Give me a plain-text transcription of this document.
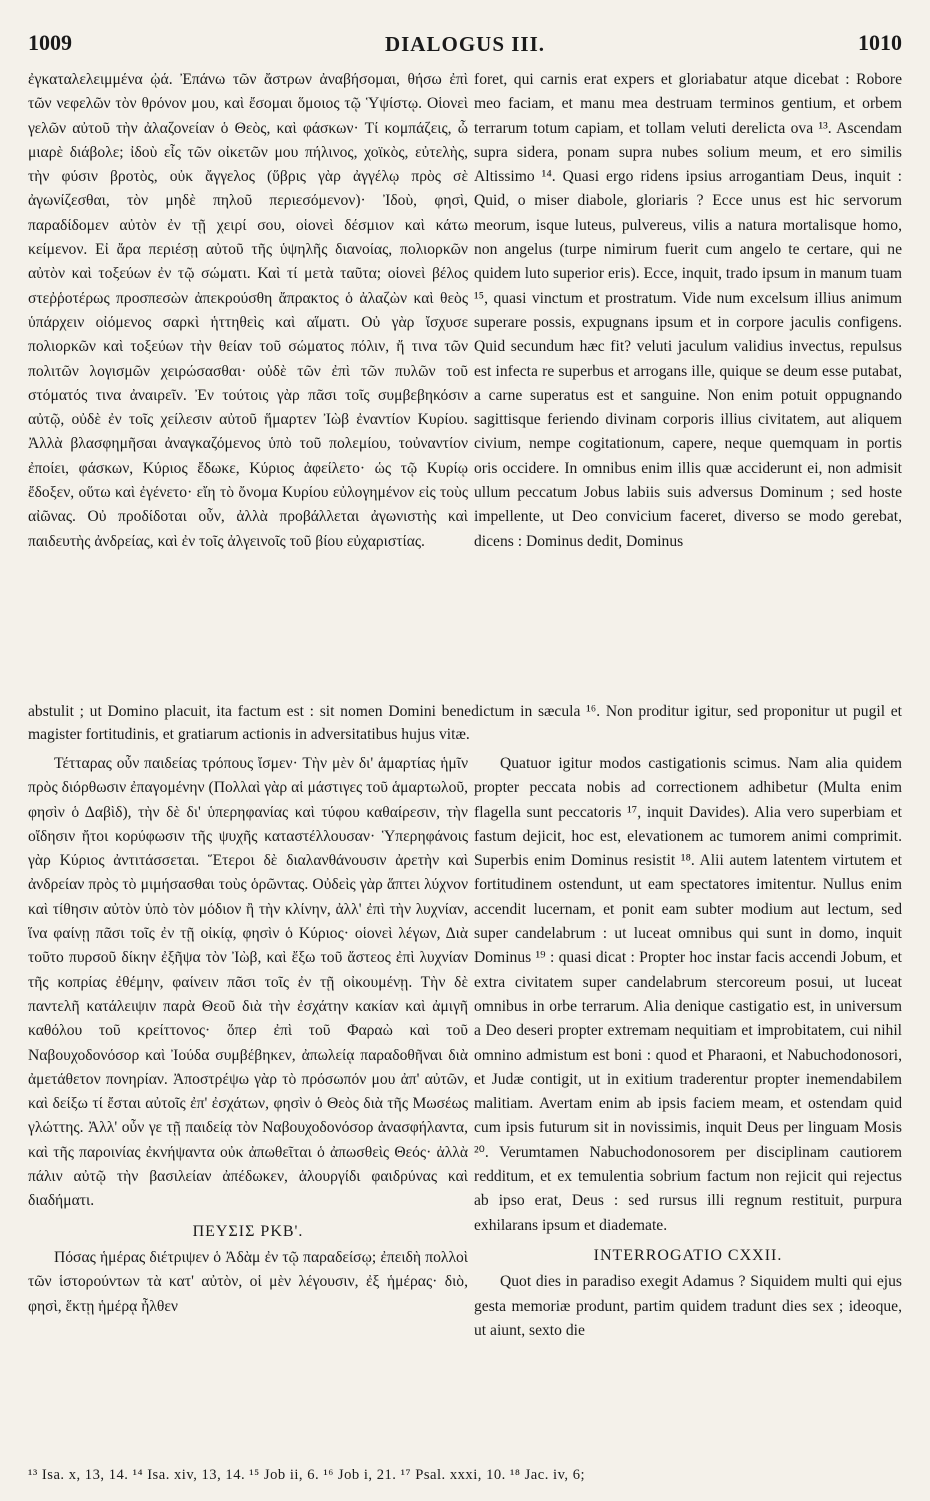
1009	DIALOGUS III.	1010

ἐγκαταλελειμμένα ᾠά. Ἐπάνω τῶν ἄστρων ἀναβήσομαι, θήσω ἐπὶ τῶν νεφελῶν τὸν θρόνον μου, καὶ ἔσομαι ὅμοιος τῷ Ὑψίστῳ. Οἱονεὶ γελῶν αὐτοῦ τὴν ἀλαζονείαν ὁ Θεὸς, καὶ φάσκων· Τί κομπάζεις, ὦ μιαρὲ διάβολε; ἰδοὺ εἷς τῶν οἰκετῶν μου πήλινος, χοϊκὸς, εὐτελὴς, τὴν φύσιν βροτὸς, οὐκ ἄγγελος (ὕβρις γὰρ ἀγγέλῳ πρὸς σὲ ἀγωνίζεσθαι, τὸν μηδὲ πηλοῦ περιεσόμενον)· Ἰδοὺ, φησὶ, παραδίδομεν αὐτὸν ἐν τῇ χειρί σου, οἱονεὶ δέσμιον καὶ κάτω κείμενον. Εἰ ἄρα περιέσῃ αὐτοῦ τῆς ὑψηλῆς διανοίας, πολιορκῶν αὐτὸν καὶ τοξεύων ἐν τῷ σώματι. Καὶ τί μετὰ ταῦτα; οἱονεὶ βέλος στεῤῥοτέρως προσπεσὼν ἀπεκρούσθη ἄπρακτος ὁ ἀλαζὼν καὶ θεὸς ὑπάρχειν οἰόμενος σαρκὶ ἡττηθεὶς καὶ αἵματι. Οὐ γὰρ ἴσχυσε πολιορκῶν καὶ τοξεύων τὴν θείαν τοῦ σώματος πόλιν, ἤ τινα τῶν πολιτῶν λογισμῶν χειρώσασθαι· οὐδὲ τῶν ἐπὶ τῶν πυλῶν τοῦ στόματός τινα ἀναιρεῖν. Ἐν τούτοις γὰρ πᾶσι τοῖς συμβεβηκόσιν αὐτῷ, οὐδὲ ἐν τοῖς χείλεσιν αὐτοῦ ἥμαρτεν Ἰὼβ ἐναντίον Κυρίου. Ἀλλὰ βλασφημῆσαι ἀναγκαζόμενος ὑπὸ τοῦ πολεμίου, τοὐναντίον ἐποίει, φάσκων, Κύριος ἔδωκε, Κύριος ἀφείλετο· ὡς τῷ Κυρίῳ ἔδοξεν, οὕτω καὶ ἐγένετο· εἴη τὸ ὄνομα Κυρίου εὐλογημένον εἰς τοὺς αἰῶνας. Οὐ προδίδοται οὖν, ἀλλὰ προβάλλεται ἀγωνιστὴς καὶ παιδευτὴς ἀνδρείας, καὶ ἐν τοῖς ἀλγεινοῖς τοῦ βίου εὐχαριστίας.

foret, qui carnis erat expers et gloriabatur atque dicebat : Robore meo faciam, et manu mea destruam terminos gentium, et orbem terrarum totum capiam, et tollam veluti derelicta ova ¹³. Ascendam supra sidera, ponam supra nubes solium meum, et ero similis Altissimo ¹⁴. Quasi ergo ridens ipsius arrogantiam Deus, inquit : Quid, o miser diabole, gloriaris ? Ecce unus est hic servorum meorum, isque luteus, pulvereus, vilis a natura mortalisque homo, non angelus (turpe nimirum fuerit cum angelo te certare, qui ne quidem luto superior eris). Ecce, inquit, trado ipsum in manum tuam ¹⁵, quasi vinctum et prostratum. Vide num excelsum illius animum superare possis, expugnans ipsum et in corpore jaculis configens. Quid secundum hæc fit? veluti jaculum validius invectus, repulsus est infecta re superbus et arrogans ille, quique se deum esse putabat, a carne superatus est et sanguine. Non enim potuit oppugnando sagittisque feriendo divinam corporis illius civitatem, aut aliquem civium, nempe cogitationum, capere, neque quemquam in portis oris occidere. In omnibus enim illis quæ acciderunt ei, non admisit ullum peccatum Jobus labiis suis adversus Dominum ; sed hoste impellente, ut Deo convicium faceret, diverso se modo gerebat, dicens : Dominus dedit, Dominus

abstulit ; ut Domino placuit, ita factum est : sit nomen Domini benedictum in sæcula ¹⁶. Non proditur igitur, sed proponitur ut pugil et magister fortitudinis, et gratiarum actionis in adversitatibus hujus vitæ.

Τέτταρας οὖν παιδείας τρόπους ἴσμεν· Τὴν μὲν δι' ἁμαρτίας ἡμῖν πρὸς διόρθωσιν ἐπαγομένην (Πολλαὶ γὰρ αἱ μάστιγες τοῦ ἁμαρτωλοῦ, φησὶν ὁ Δαβὶδ), τὴν δὲ δι' ὑπερηφανίας καὶ τύφου καθαίρεσιν, τὴν οἴδησιν ἤτοι κορύφωσιν τῆς ψυχῆς καταστέλλουσαν· Ὑπερηφάνοις γὰρ Κύριος ἀντιτάσσεται. Ἕτεροι δὲ διαλανθάνουσιν ἀρετὴν καὶ ἀνδρείαν πρὸς τὸ μιμήσασθαι τοὺς ὁρῶντας. Οὐδεὶς γὰρ ἅπτει λύχνον καὶ τίθησιν αὐτὸν ὑπὸ τὸν μόδιον ἢ τὴν κλίνην, ἀλλ' ἐπὶ τὴν λυχνίαν, ἵνα φαίνῃ πᾶσι τοῖς ἐν τῇ οἰκίᾳ, φησὶν ὁ Κύριος· οἱονεὶ λέγων, Διὰ τοῦτο πυρσοῦ δίκην ἐξῆψα τὸν Ἰὼβ, καὶ ἔξω τοῦ ἄστεος ἐπὶ λυχνίαν τῆς κοπρίας ἐθέμην, φαίνειν πᾶσι τοῖς ἐν τῇ οἰκουμένῃ. Τὴν δὲ παντελῆ κατάλειψιν παρὰ Θεοῦ διὰ τὴν ἐσχάτην κακίαν καὶ ἀμιγῆ καθόλου τοῦ κρείττονος· ὅπερ ἐπὶ τοῦ Φαραὼ καὶ τοῦ Ναβουχοδονόσορ καὶ Ἰούδα συμβέβηκεν, ἀπωλείᾳ παραδοθῆναι διὰ ἀμετάθετον πονηρίαν. Ἀποστρέψω γὰρ τὸ πρόσωπόν μου ἀπ' αὐτῶν, καὶ δείξω τί ἔσται αὐτοῖς ἐπ' ἐσχάτων, φησὶν ὁ Θεὸς διὰ τῆς Μωσέως γλώττης. Ἀλλ' οὖν γε τῇ παιδείᾳ τὸν Ναβουχοδονόσορ ἀνασφήλαντα, καὶ τῆς παροινίας ἐκνήψαντα οὐκ ἀπωθεῖται ὁ ἀπωσθεὶς Θεός· ἀλλὰ πάλιν αὐτῷ τὴν βασιλείαν ἀπέδωκεν, ἁλουργίδι φαιδρύνας καὶ διαδήματι.

ΠΕΥΣΙΣ ΡΚΒ'.

Πόσας ἡμέρας διέτριψεν ὁ Ἀδὰμ ἐν τῷ παραδείσῳ; ἐπειδὴ πολλοὶ τῶν ἱστορούντων τὰ κατ' αὐτὸν, οἱ μὲν λέγουσιν, ἐξ ἡμέρας· διὸ, φησὶ, ἕκτῃ ἡμέρᾳ ἦλθεν

Quatuor igitur modos castigationis scimus. Nam alia quidem propter peccata nobis ad correctionem adhibetur (Multa enim flagella sunt peccatoris ¹⁷, inquit Davides). Alia vero superbiam et fastum dejicit, hoc est, elevationem ac tumorem animi comprimit. Superbis enim Dominus resistit ¹⁸. Alii autem latentem virtutem et fortitudinem ostendunt, ut eam spectatores imitentur. Nullus enim accendit lucernam, et ponit eam subter modium aut lectum, sed super candelabrum : ut luceat omnibus qui sunt in domo, inquit Dominus ¹⁹ : quasi dicat : Propter hoc instar facis accendi Jobum, et extra civitatem super candelabrum stercoreum posui, ut luceat omnibus in orbe terrarum. Alia denique castigatio est, in universum a Deo deseri propter extremam nequitiam et improbitatem, cui nihil omnino admistum est boni : quod et Pharaoni, et Nabuchodonosori, et Judæ contigit, ut in exitium traderentur propter inemendabilem malitiam. Avertam enim ab ipsis faciem meam, et ostendam quid cum ipsis futurum sit in novissimis, inquit Deus per linguam Mosis ²⁰. Verumtamen Nabuchodonosorem per disciplinam cautiorem redditum, et ex temulentia sobrium factum non rejicit qui rejectus ab ipso erat, Deus : sed rursus illi regnum restituit, purpura exhilarans ipsum et diademate.

INTERROGATIO CXXII.

Quot dies in paradiso exegit Adamus ? Siquidem multi qui ejus gesta memoriæ produnt, partim quidem tradunt dies sex ; ideoque, ut aiunt, sexto die

¹³ Isa. x, 13, 14. ¹⁴ Isa. xiv, 13, 14. ¹⁵ Job ii, 6. ¹⁶ Job i, 21. ¹⁷ Psal. xxxi, 10. ¹⁸ Jac. iv, 6;
